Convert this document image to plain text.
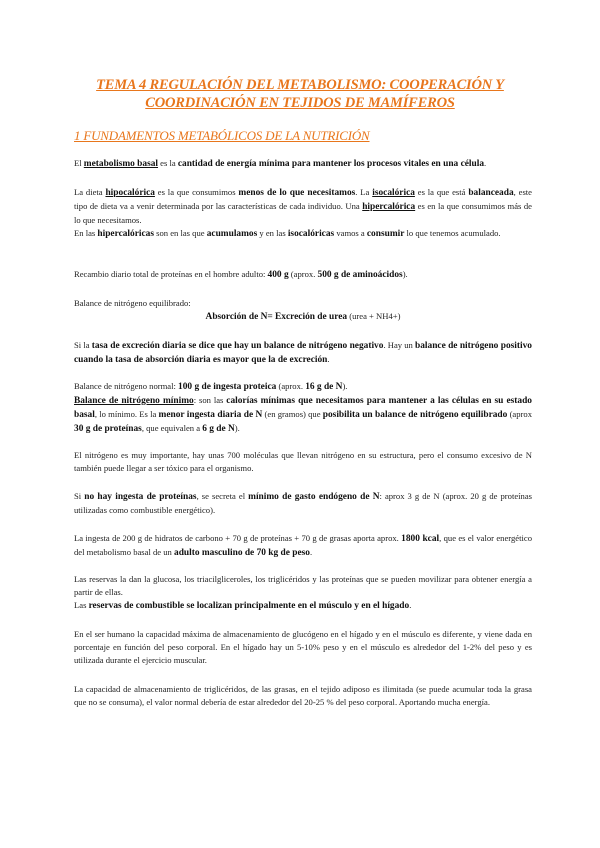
TEMA 4 REGULACIÓN DEL METABOLISMO: COOPERACIÓN Y
COORDINACIÓN EN TEJIDOS DE MAMÍFEROS
1 FUNDAMENTOS METABÓLICOS DE LA NUTRICIÓN

El metabolismo basal es la cantidad de energía mínima para mantener los procesos vitales en una célula.

La dieta hipocalórica es la que consumimos menos de lo que necesitamos. La isocalórica es la que está balanceada, este tipo de dieta va a venir determinada por las características de cada individuo. Una hipercalórica es en la que consumimos más de lo que necesitamos.
En las hipercalóricas son en las que acumulamos y en las isocalóricas vamos a consumir lo que tenemos acumulado.

Recambio diario total de proteínas en el hombre adulto: 400 g (aprox. 500 g de aminoácidos).

Balance de nitrógeno equilibrado:

Absorción de N= Excreción de urea (urea + NH4+)

Si la tasa de excreción diaria se dice que hay un balance de nitrógeno negativo. Hay un balance de nitrógeno positivo cuando la tasa de absorción diaria es mayor que la de excreción.

Balance de nitrógeno normal: 100 g de ingesta proteica (aprox. 16 g de N).
Balance de nitrógeno mínimo: son las calorías mínimas que necesitamos para mantener a las células en su estado basal, lo mínimo. Es la menor ingesta diaria de N (en gramos) que posibilita un balance de nitrógeno equilibrado (aprox 30 g de proteínas, que equivalen a 6 g de N).

El nitrógeno es muy importante, hay unas 700 moléculas que llevan nitrógeno en su estructura, pero el consumo excesivo de N también puede llegar a ser tóxico para el organismo.

Si no hay ingesta de proteínas, se secreta el mínimo de gasto endógeno de N: aprox 3 g de N (aprox. 20 g de proteínas utilizadas como combustible energético).

La ingesta de 200 g de hidratos de carbono + 70 g de proteínas + 70 g de grasas aporta aprox. 1800 kcal, que es el valor energético del metabolismo basal de un adulto masculino de 70 kg de peso.

Las reservas la dan la glucosa, los triacilgliceroles, los triglicéridos y las proteínas que se pueden movilizar para obtener energía a partir de ellas.
Las reservas de combustible se localizan principalmente en el músculo y en el hígado.

En el ser humano la capacidad máxima de almacenamiento de glucógeno en el hígado y en el músculo es diferente, y viene dada en porcentaje en función del peso corporal. En el hígado hay un 5-10% peso y en el músculo es alrededor del 1-2% del peso y es utilizada durante el ejercicio muscular.

La capacidad de almacenamiento de triglicéridos, de las grasas, en el tejido adiposo es ilimitada (se puede acumular toda la grasa que no se consuma), el valor normal debería de estar alrededor del 20-25 % del peso corporal. Aportando mucha energía.
